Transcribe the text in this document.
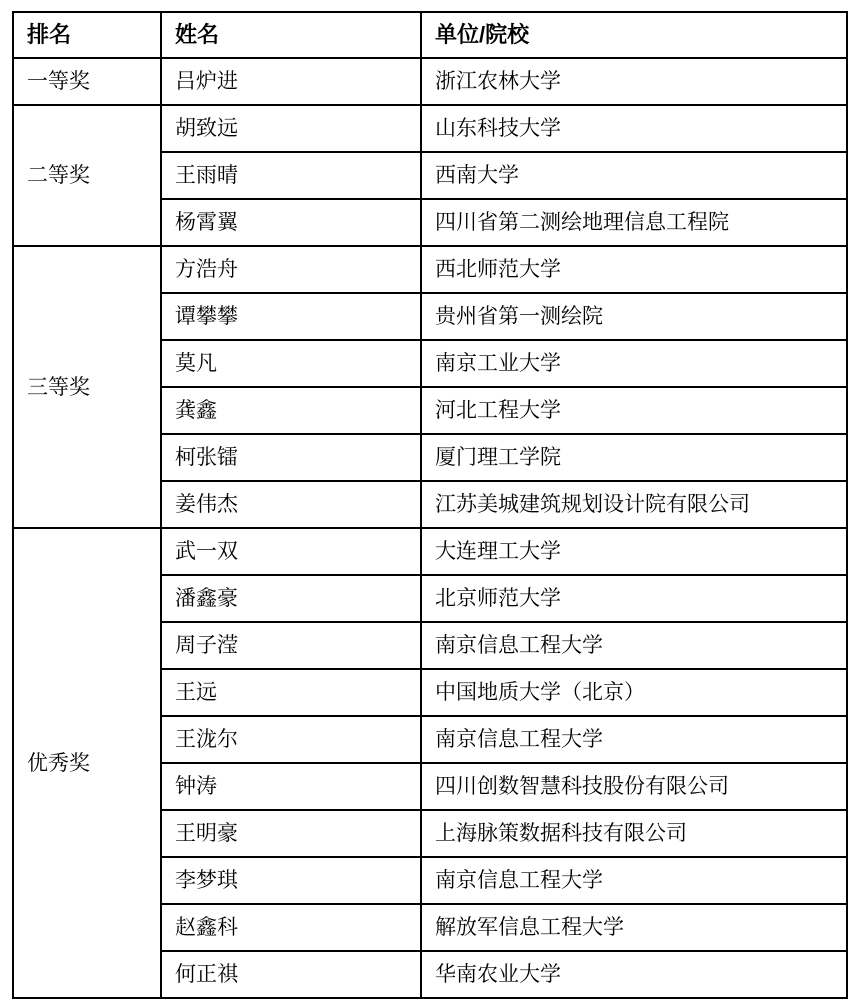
排名	姓名	单位/院校
一等奖	吕炉进	浙江农林大学
二等奖	胡致远	山东科技大学
	王雨晴	西南大学
	杨霄翼	四川省第二测绘地理信息工程院
三等奖	方浩舟	西北师范大学
	谭攀攀	贵州省第一测绘院
	莫凡	南京工业大学
	龚鑫	河北工程大学
	柯张镭	厦门理工学院
	姜伟杰	江苏美城建筑规划设计院有限公司
优秀奖	武一双	大连理工大学
	潘鑫豪	北京师范大学
	周子滢	南京信息工程大学
	王远	中国地质大学（北京）
	王泷尔	南京信息工程大学
	钟涛	四川创数智慧科技股份有限公司
	王明豪	上海脉策数据科技有限公司
	李梦琪	南京信息工程大学
	赵鑫科	解放军信息工程大学
	何正祺	华南农业大学
